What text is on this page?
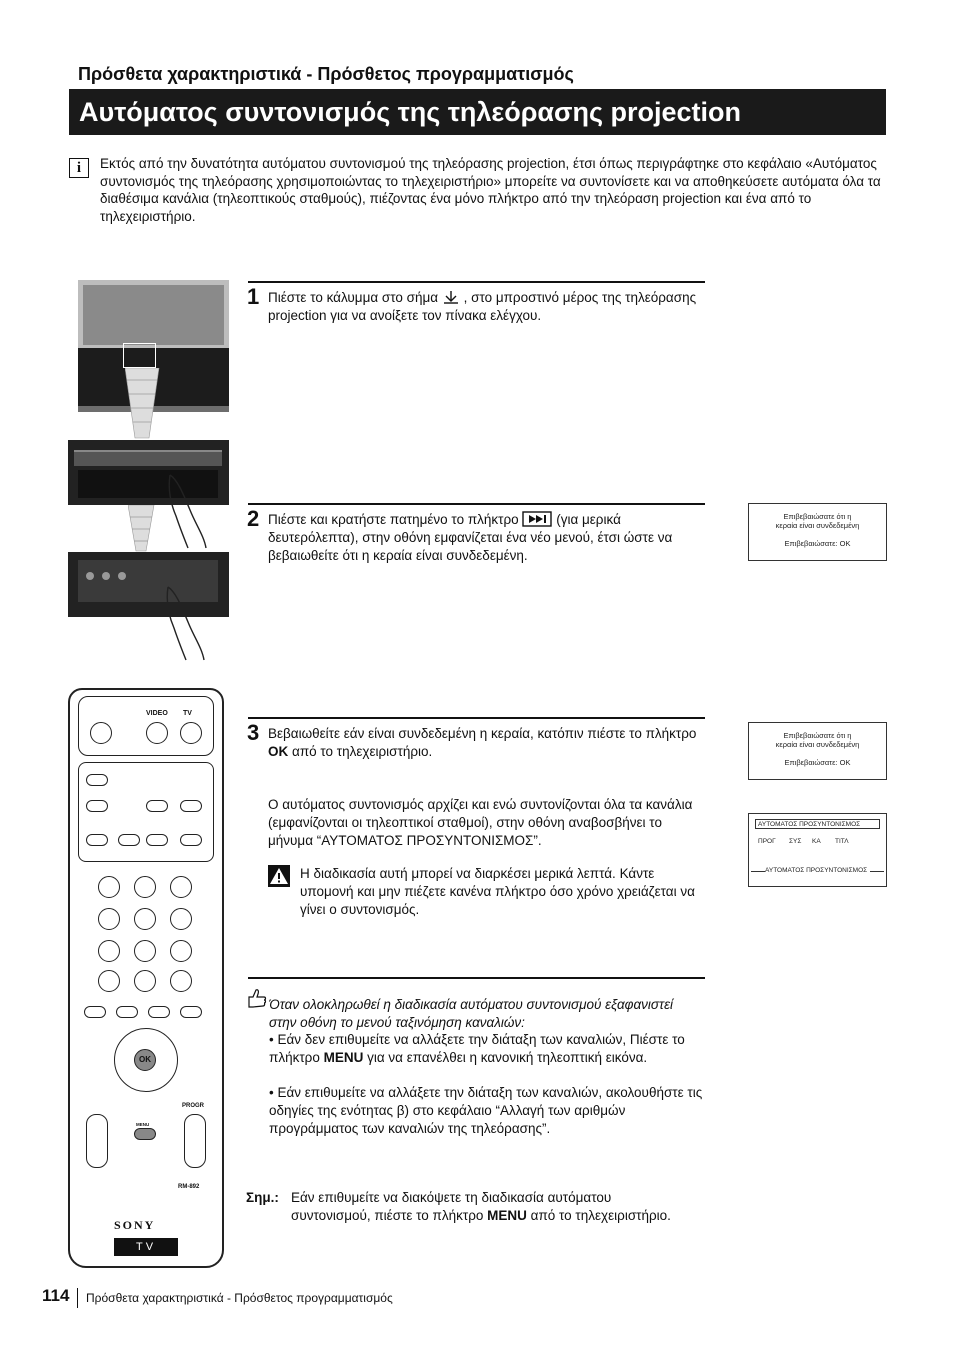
Πρόσθετα χαρακτηριστικά - Πρόσθετος προγραμματισμός
Αυτόματος συντονισμός της τηλεόρασης projection
i	Εκτός από την δυνατότητα αυτόματου συντονισμού της τηλεόρασης projection, έτσι όπως περιγράφτηκε στο κεφάλαιο «Αυτόματος συντονισμός της τηλεόρασης χρησιμοποιώντας το τηλεχειριστήριο» μπορείτε να συντονίσετε και να αποθηκεύσετε αυτόματα όλα τα διαθέσιμα κανάλια (τηλεοπτικούς σταθμούς), πιέζοντας ένα μόνο πλήκτρο από την τηλεόραση projection και ένα από το τηλεχειριστήριο.
VIDEO TV
OK
PROGR
MENU
RM-892
SONY
TV
1 Πιέστε το κάλυμμα στο σήμα , στο μπροστινό μέρος της τηλεόρασης projection για να ανοίξετε τον πίνακα ελέγχου.
2 Πιέστε και κρατήστε πατημένο το πλήκτρο	(για μερικά δευτερόλεπτα), στην οθόνη εμφανίζεται ένα νέο μενού, έτσι ώστε να βεβαιωθείτε ότι η κεραία είναι συνδεδεμένη.
Επιβεβαιώσατε ότι η
κεραία είναι συνδεδεμένη
Επιβεβαιώσατε: OK
3 Βεβαιωθείτε εάν είναι συνδεδεμένη η κεραία, κατόπιν πιέστε το πλήκτρο OK από το τηλεχειριστήριο.
Επιβεβαιώσατε ότι η
κεραία είναι συνδεδεμένη
Επιβεβαιώσατε: OK
Ο αυτόματος συντονισμός αρχίζει και ενώ συντονίζονται όλα τα κανάλια (εμφανίζονται οι τηλεοπτικοί σταθμοί), στην οθόνη αναβοσβήνει το μήνυμα “ΑΥΤΟΜΑΤΟΣ ΠΡΟΣΥΝΤΟΝΙΣΜΟΣ”.
ΑΥΤΟΜΑΤΟΣ ΠΡΟΣΥΝΤΟΝΙΣΜΟΣ
ΠΡΟΓ ΣΥΣ ΚΑ ΤΙΤΛ
ΑΥΤΟΜΑΤΟΣ ΠΡΟΣΥΝΤΟΝΙΣΜΟΣ
Η διαδικασία αυτή μπορεί να διαρκέσει μερικά λεπτά. Κάντε υπομονή και μην πιέζετε κανένα πλήκτρο όσο χρόνο χρειάζεται να γίνει ο συντονισμός.
Όταν ολοκληρωθεί η διαδικασία αυτόματου συντονισμού εξαφανιστεί στην οθόνη το μενού ταξινόμηση καναλιών:
• Εάν δεν επιθυμείτε να αλλάξετε την διάταξη των καναλιών, Πιέστε το πλήκτρο MENU για να επανέλθει η κανονική τηλεοπτική εικόνα.
• Εάν επιθυμείτε να αλλάξετε την διάταξη των καναλιών, ακολουθήστε τις οδηγίες της ενότητας β) στο κεφάλαιο “Αλλαγή των αριθμών προγράμματος των καναλιών της τηλεόρασης”.
Σημ.: Εάν επιθυμείτε να διακόψετε τη διαδικασία αυτόματου συντονισμού, πιέστε το πλήκτρο MENU από το τηλεχειριστήριο.
114 Πρόσθετα χαρακτηριστικά - Πρόσθετος προγραμματισμός
